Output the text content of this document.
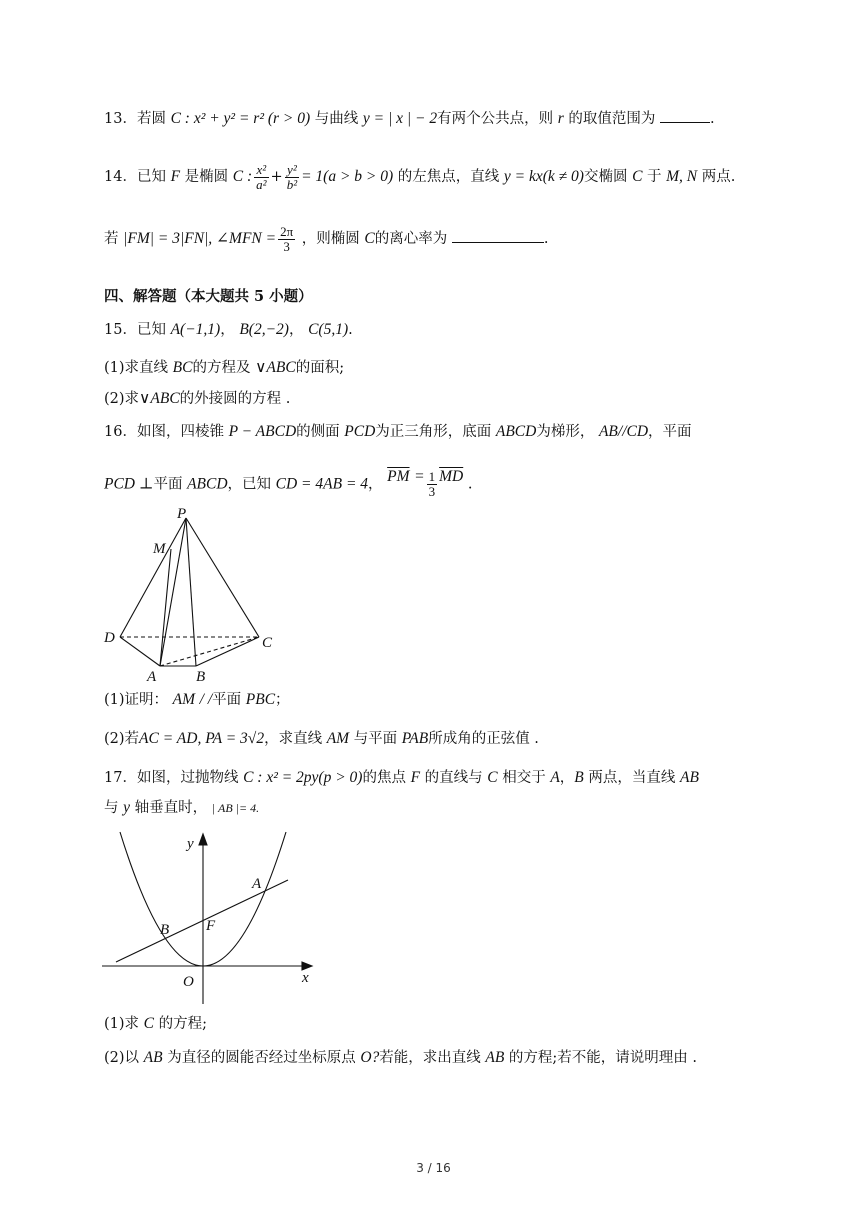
13．若圆 C : x² + y² = r² (r > 0) 与曲线 y = | x | − 2有两个公共点，则 r 的取值范围为	.
14．已知 F 是椭圆 C : $\frac{\text{x²}}{\text{a²}} + \frac{\text{y²}}{\text{b²}} = 1(a > b > 0)$ 的左焦点，直线 y = kx(k ≠ 0)交椭圆 C 于 M, N 两点.
若 |FM| = 3|FN|, ∠MFN = $\frac{2\pi}{3}$ ，则椭圆 C的离心率为	.
四、解答题（本大题共 5 小题）
15．已知 A(−1,1)， B(2,−2)， C(5,1).
(1)求直线 BC的方程及 ∨ABC的面积;
(2)求∨ABC的外接圆的方程 .
16．如图，四棱锥 P − ABCD的侧面 PCD为正三角形，底面 ABCD为梯形， AB//CD，平面
PCD ⊥平面 ABCD，已知 CD = 4AB = 4， $\overline{PM} = \frac{1}{3} \overline{MD}$ .
P
M
D	C
A	B
(1)证明： AM / /平面 PBC；
(2)若AC = AD, PA = 3√2，求直线 AM 与平面 PAB所成角的正弦值 .
17．如图，过抛物线 C : x² = 2py(p > 0)的焦点 F 的直线与 C 相交于 A，B 两点，当直线 AB
与 y 轴垂直时， | AB |= 4.
y
x
O
A
B F
(1)求 C 的方程;
(2)以 AB 为直径的圆能否经过坐标原点 O?若能，求出直线 AB 的方程;若不能，请说明理由 .
3 / 16
